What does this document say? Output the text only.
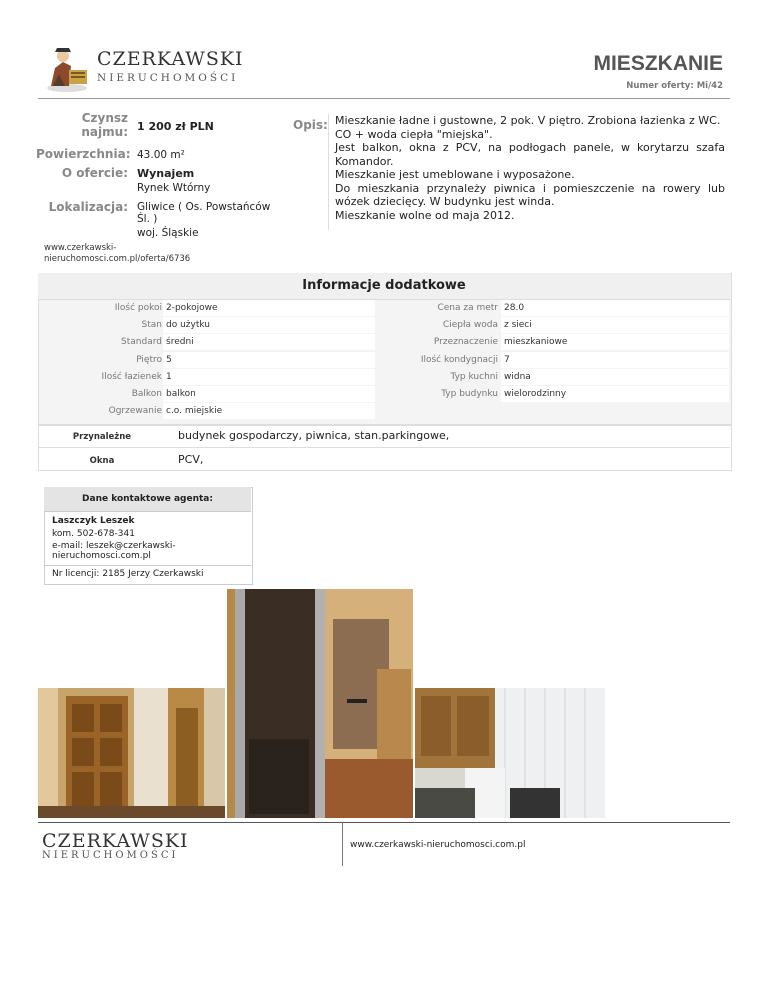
CZERKAWSKI
NIERUCHOMOŚCI
MIESZKANIE
Numer oferty: Mi/42
Czynsz
najmu: 1 200 zł PLN
Powierzchnia: 43.00 m²
O ofercie: Wynajem
Rynek Wtórny
Lokalizacja: Gliwice ( Os. Powstańców
Śl. )
woj. Śląskie
Opis: Mieszkanie ładne i gustowne, 2 pok. V piętro. Zrobiona łazienka z WC.
CO + woda ciepła "miejska".
Jest balkon, okna z PCV, na podłogach panele, w korytarzu szafa Komandor.
Mieszkanie jest umeblowane i wyposażone.
Do mieszkania przynależy piwnica i pomieszczenie na rowery lub wózek dziecięcy. W budynku jest winda.
Mieszkanie wolne od maja 2012.
www.czerkawski-
nieruchomosci.com.pl/oferta/6736
Informacje dodatkowe
Ilość pokoi 2-pokojowe
Stan do użytku
Standard średni
Piętro 5
Ilość łazienek 1
Balkon balkon
Ogrzewanie c.o. miejskie
Cena za metr 28.0
Ciepła woda z sieci
Przeznaczenie mieszkaniowe
Ilość kondygnacji 7
Typ kuchni widna
Typ budynku wielorodzinny
Przynależne	budynek gospodarczy, piwnica, stan.parkingowe,
Okna	PCV,
Dane kontaktowe agenta:
Laszczyk Leszek
kom. 502-678-341
e-mail: leszek@czerkawski-
nieruchomosci.com.pl
Nr licencji: 2185 Jerzy Czerkawski
CZERKAWSKI
NIERUCHOMOŚCI
www.czerkawski-nieruchomosci.com.pl
